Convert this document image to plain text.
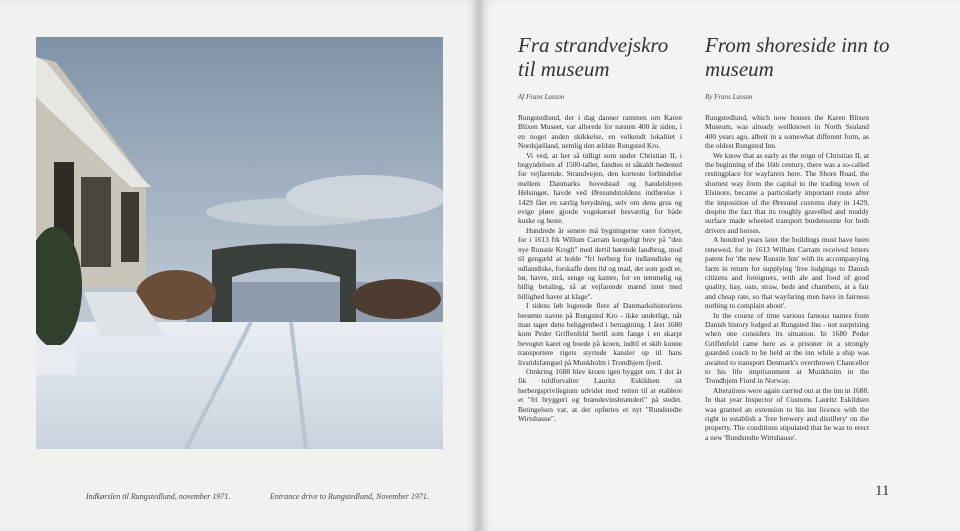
Indkørslen til Rungstedlund, november 1971.	Entrance drive to Rungstedlund, November 1971.
Fra strandvejskro til museum
From shoreside inn to museum
Af Frans Lasson	By Frans Lasson

Rungstedlund, der i dag danner rammen om Karen Blixen Museet, var allerede for næsten 400 år siden, i en noget anden skikkelse, en velkendt lokalitet i Nordsjælland, nemlig den ældste Rungsted Kro.

Vi ved, at her så tidligt som under Christian II, i begyndelsen af 1500-tallet, fandtes et såkaldt bedested for vejfarende. Strandvejen, den korteste forbindelse mellem Danmarks hovedstad og handelsbyen Helsingør, havde ved Øresundstoldens indførelse i 1429 fået en særlig betydning, selv om dens grus og evige pløre gjorde vognkørsel besværlig for både kuske og heste.

Hundrede år senere må bygningerne være fornyet, for i 1613 fik Willum Carram kongeligt brev på "den nye Runstie Krogh" med dertil hørende landbrug, mod til gengæld at holde "fri herberg for indlændiske og udlændiske, forskaffe dem ild og mad, det som godt er, hø, havre, strå, senge og kamre, for en temmelig og billig betaling, så at vejfarende mænd intet med billighed haver at klage".

I tidens løb logerede flere af Danmarkshistoriens berømte navne på Rungsted Kro - ikke underligt, når man tager dens beliggenhed i betragtning. I året 1680 kom Peder Griffenfeld hertil som fange i en skarpt bevogtet karet og boede på kroen, indtil et skib kunne transportere rigets styrtede kansler op til hans livstidsfængsel på Munkholm i Trondhjem fjord.

Omkring 1688 blev kroen igen bygget om. I det år fik toldforvalter Lauritz Eskildsen sit herbergsprivilegium udvidet med retten til at etablere et "fri bryggeri og brændevinsbrænderi" på stedet. Betingelsen var, at der opførtes et nyt "Rundstedte Wirtshause".

Rungstedlund, which now houses the Karen Blixen Museum, was already wellknown in North Sealand 400 years ago, albeit in a somewhat different form, as the oldest Rungsted Inn.

We know that as early as the reign of Christian II, at the beginning of the 16th century, there was a so-called restingplace for wayfarers here. The Shore Road, the shortest way from the capital to the trading town of Elsinore, became a particularly important route after the imposition of the Øresund customs duty in 1429, despite the fact that its roughly gravelled and muddy surface made wheeled transport burdensome for both drivers and horses.

A hundred years later the buildings must have been renewed, for in 1613 Willum Carram received letters patent for 'the new Runstie Inn' with its accompanying farm in return for supplying 'free lodgings to Danish citizens and foreigners, with ale and food of good quality, hay, oats, straw, beds and chambers, at a fair and cheap rate, so that wayfaring men have in fairness nothing to complain about'.

In the course of time various famous names from Danish history lodged at Rungsted Inn - not surprising when one considers its situation. In 1680 Peder Griffenfeld came here as a prisoner in a strongly guarded coach to be held at the inn while a ship was awaited to transport Denmark's overthrown Chancellor to his life imprisonment at Munkholm in the Trondhjem Fiord in Norway.

Alterations were again carried out at the inn in 1688. In that year Inspector of Customs Lauritz Eskildsen was granted an extension to his inn licence with the right to establish a 'free brewery and distillery' on the property. The conditions stipulated that he was to erect a new 'Rundstedte Wirtshause'.

11
